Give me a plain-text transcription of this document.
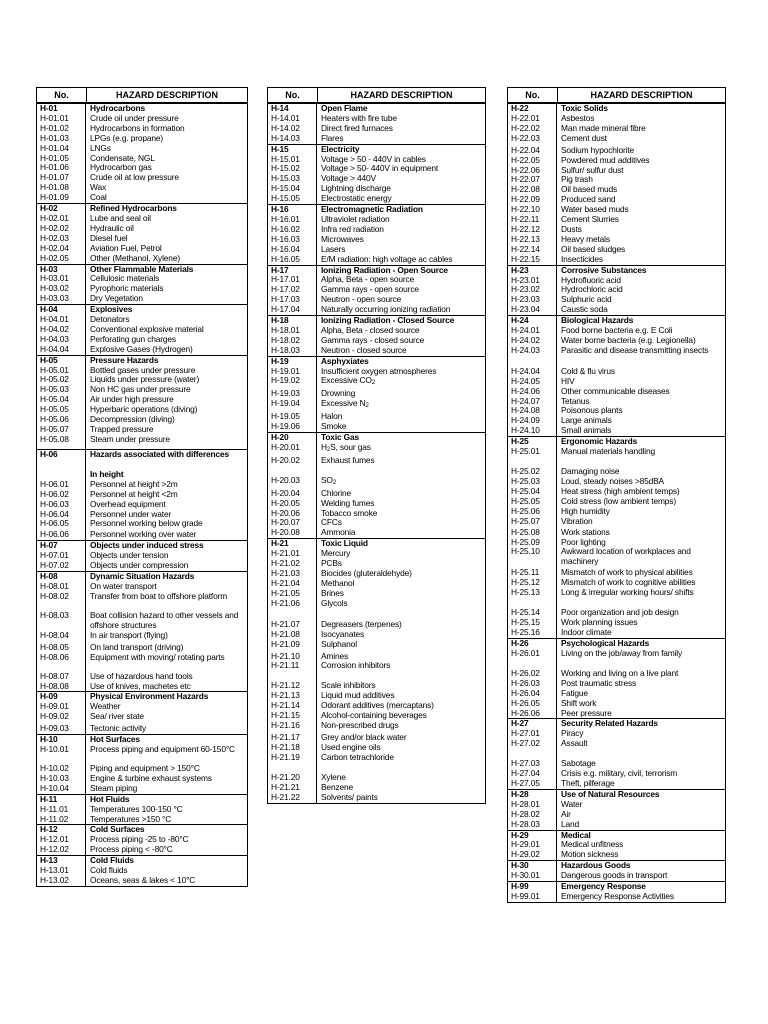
No.	HAZARD DESCRIPTION
H-01	Hydrocarbons
H-01.01	Crude oil under pressure
H-01.02	Hydrocarbons in formation
H-01.03	LPGs (e.g. propane)
H-01.04	LNGs
H-01.05	Condensate, NGL
H-01.06	Hydrocarbon gas
H-01.07	Crude oil at low pressure
H-01.08	Wax
H-01.09	Coal
H-02	Refined Hydrocarbons
H-02.01	Lube and seal oil
H-02.02	Hydraulic oil
H-02.03	Diesel fuel
H-02.04	Aviation Fuel, Petrol
H-02.05	Other (Methanol, Xylene)
H-03	Other Flammable Materials
H-03.01	Cellulosic materials
H-03.02	Pyrophoric materials
H-03.03	Dry Vegetation
H-04	Explosives
H-04.01	Detonators
H-04.02	Conventional explosive material
H-04.03	Perforating gun charges
H-04.04	Explosive Gases (Hydrogen)
H-05	Pressure Hazards
H-05.01	Bottled gases under pressure
H-05.02	Liquids under pressure (water)
H-05.03	Non HC gas under pressure
H-05.04	Air under high pressure
H-05.05	Hyperbaric operations (diving)
H-05.06	Decompression (diving)
H-05.07	Trapped pressure
H-05.08	Steam under pressure
H-06	Hazards associated with differences
In height
H-06.01	Personnel at height >2m
H-06.02	Personnel at height <2m
H-06.03	Overhead equipment
H-06.04	Personnel under water
H-06.05	Personnel working below grade
H-06.06	Personnel working over water
H-07	Objects under induced stress
H-07.01	Objects under tension
H-07.02	Objects under compression
H-08	Dynamic Situation Hazards
H-08.01	On water transport
H-08.02	Transfer from boat to offshore platform
H-08.03	Boat collision hazard to other vessels and offshore structures
H-08.04	In air transport (flying)
H-08.05	On land transport (driving)
H-08.06	Equipment with moving/ rotating parts
H-08.07	Use of hazardous hand tools
H-08.08	Use of knives, machetes etc
H-09	Physical Environment Hazards
H-09.01	Weather
H-09.02	Sea/ river state
H-09.03	Tectonic activity
H-10	Hot Surfaces
H-10.01	Process piping and equipment 60-150°C
H-10.02	Piping and equipment > 150°C
H-10.03	Engine & turbine exhaust systems
H-10.04	Steam piping
H-11	Hot Fluids
H-11.01	Temperatures 100-150 °C
H-11.02	Temperatures >150 °C
H-12	Cold Surfaces
H-12.01	Process piping -25 to -80°C
H-12.02	Process piping < -80°C
H-13	Cold Fluids
H-13.01	Cold fluids
H-13.02	Oceans, seas & lakes < 10°C
No.	HAZARD DESCRIPTION
H-14	Open Flame
H-14.01	Heaters with fire tube
H-14.02	Direct fired furnaces
H-14.03	Flares
H-15	Electricity
H-15.01	Voltage > 50 - 440V in cables
H-15.02	Voltage > 50- 440V in equipment
H-15.03	Voltage > 440V
H-15.04	Lightning discharge
H-15.05	Electrostatic energy
H-16	Electromagnetic Radiation
H-16.01	Ultraviolet radiation
H-16.02	Infra red radiation
H-16.03	Microwaves
H-16.04	Lasers
H-16.05	E/M radiation: high voltage ac cables
H-17	Ionizing Radiation - Open Source
H-17.01	Alpha, Beta - open source
H-17.02	Gamma rays - open source
H-17.03	Neutron - open source
H-17.04	Naturally occurring ionizing radiation
H-18	Ionizing Radiation - Closed Source
H-18.01	Alpha, Beta - closed source
H-18.02	Gamma rays - closed source
H-18.03	Neutron - closed source
H-19	Asphyxiates
H-19.01	Insufficient oxygen atmospheres
H-19.02	Excessive CO2
H-19.03	Drowning
H-19.04	Excessive N2
H-19.05	Halon
H-19.06	Smoke
H-20	Toxic Gas
H-20.01	H2S, sour gas
H-20.02	Exhaust fumes
H-20.03	SO2
H-20.04	Chlorine
H-20.05	Welding fumes
H-20.06	Tobacco smoke
H-20.07	CFCs
H-20.08	Ammonia
H-21	Toxic Liquid
H-21.01	Mercury
H-21.02	PCBs
H-21.03	Biocides (gluteraldehyde)
H-21.04	Methanol
H-21.05	Brines
H-21.06	Glycols
H-21.07	Degreasers (terpenes)
H-21.08	Isocyanates
H-21.09	Sulphanol
H-21.10	Amines
H-21.11	Corrosion inhibitors
H-21.12	Scale inhibitors
H-21.13	Liquid mud additives
H-21.14	Odorant additives (mercaptans)
H-21.15	Alcohol-containing beverages
H-21.16	Non-prescribed drugs
H-21.17	Grey and/or black water
H-21.18	Used engine oils
H-21.19	Carbon tetrachloride
H-21.20	Xylene
H-21.21	Benzene
H-21.22	Solvents/ paints
No.	HAZARD DESCRIPTION
H-22	Toxic Solids
H-22.01	Asbestos
H-22.02	Man made mineral fibre
H-22.03	Cement dust
H-22.04	Sodium hypochlorite
H-22.05	Powdered mud additives
H-22.06	Sulfur/ sulfur dust
H-22.07	Pig trash
H-22.08	Oil based muds
H-22.09	Produced sand
H-22.10	Water based muds
H-22.11	Cement Slurries
H-22.12	Dusts
H-22.13	Heavy metals
H-22.14	Oil based sludges
H-22.15	Insecticides
H-23	Corrosive Substances
H-23.01	Hydrofluoric acid
H-23.02	Hydrochloric acid
H-23.03	Sulphuric acid
H-23.04	Caustic soda
H-24	Biological Hazards
H-24.01	Food borne bacteria e.g. E Coli
H-24.02	Water borne bacteria (e.g. Legionella)
H-24.03	Parasitic and disease transmitting insects
H-24.04	Cold & flu virus
H-24.05	HIV
H-24.06	Other communicable diseases
H-24.07	Tetanus
H-24.08	Poisonous plants
H-24.09	Large animals
H-24.10	Small animals
H-25	Ergonomic Hazards
H-25.01	Manual materials handling
H-25.02	Damaging noise
H-25.03	Loud, steady noises >85dBA
H-25.04	Heat stress (high ambient temps)
H-25.05	Cold stress (low ambient temps)
H-25.06	High humidity
H-25.07	Vibration
H-25.08	Work stations
H-25.09	Poor lighting
H-25.10	Awkward location of workplaces and machinery
H-25.11	Mismatch of work to physical abilities
H-25.12	Mismatch of work to cognitive abilities
H-25.13	Long & irregular working hours/ shifts
H-25.14	Poor organization and job design
H-25.15	Work planning issues
H-25.16	Indoor climate
H-26	Psychological Hazards
H-26.01	Living on the job/away from family
H-26.02	Working and living on a live plant
H-26.03	Post traumatic stress
H-26.04	Fatigue
H-26.05	Shift work
H-26.06	Peer pressure
H-27	Security Related Hazards
H-27.01	Piracy
H-27.02	Assault
H-27.03	Sabotage
H-27.04	Crisis e.g. military, civil, terrorism
H-27.05	Theft, pilferage
H-28	Use of Natural Resources
H-28.01	Water
H-28.02	Air
H-28.03	Land
H-29	Medical
H-29.01	Medical unfitness
H-29.02	Motion sickness
H-30	Hazardous Goods
H-30.01	Dangerous goods in transport
H-99	Emergency Response
H-99.01	Emergency Response Activities
